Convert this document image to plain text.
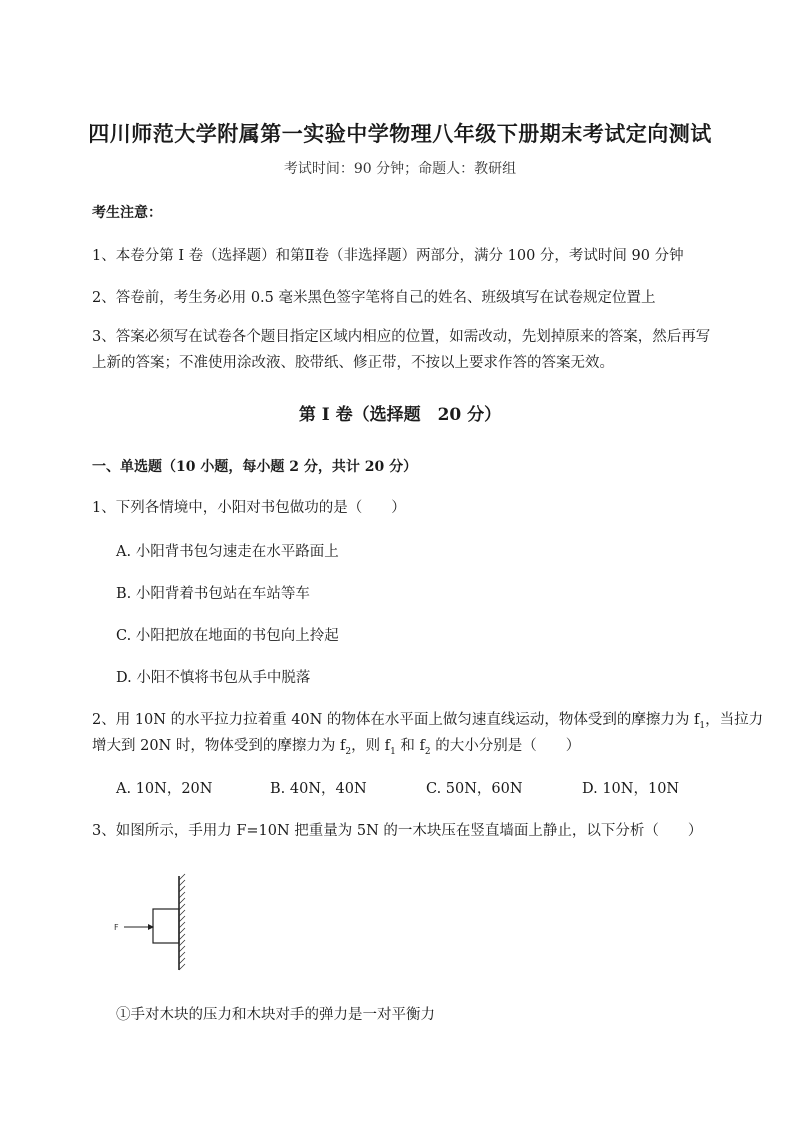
四川师范大学附属第一实验中学物理八年级下册期末考试定向测试
考试时间：90 分钟；命题人：教研组
考生注意：
1、本卷分第 I 卷（选择题）和第Ⅱ卷（非选择题）两部分，满分 100 分，考试时间 90 分钟
2、答卷前，考生务必用 0.5 毫米黑色签字笔将自己的姓名、班级填写在试卷规定位置上
3、答案必须写在试卷各个题目指定区域内相应的位置，如需改动，先划掉原来的答案，然后再写上新的答案；不准使用涂改液、胶带纸、修正带，不按以上要求作答的答案无效。
第 I 卷（选择题　20 分）
一、单选题（10 小题，每小题 2 分，共计 20 分）
1、下列各情境中，小阳对书包做功的是（　　）
A. 小阳背书包匀速走在水平路面上
B. 小阳背着书包站在车站等车
C. 小阳把放在地面的书包向上拎起
D. 小阳不慎将书包从手中脱落
2、用 10N 的水平拉力拉着重 40N 的物体在水平面上做匀速直线运动，物体受到的摩擦力为 $f_1$，当拉力
增大到 20N 时，物体受到的摩擦力为 $f_2$，则 $f_1$ 和 $f_2$ 的大小分别是（　　）
A. 10N，20N	B. 40N，40N	C. 50N，60N	D. 10N，10N
3、如图所示，手用力 F=10N 把重量为 5N 的一木块压在竖直墙面上静止，以下分析（　　）
F
①手对木块的压力和木块对手的弹力是一对平衡力
